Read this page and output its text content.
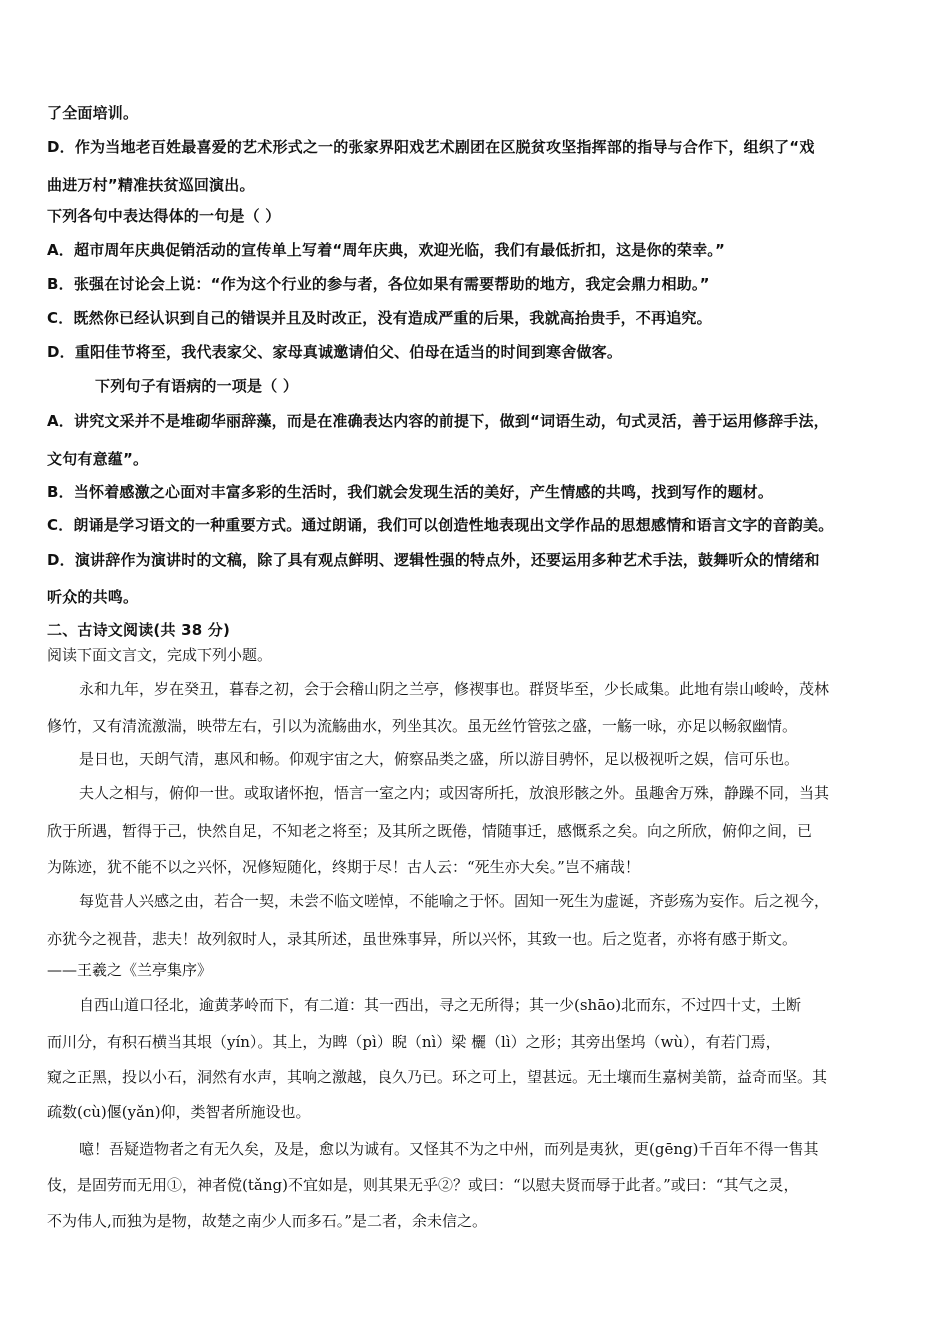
了全面培训。
D．作为当地老百姓最喜爱的艺术形式之一的张家界阳戏艺术剧团在区脱贫攻坚指挥部的指导与合作下，组织了“戏
曲进万村”精准扶贫巡回演出。
下列各句中表达得体的一句是（ ）
A．超市周年庆典促销活动的宣传单上写着“周年庆典，欢迎光临，我们有最低折扣，这是你的荣幸。”
B．张强在讨论会上说：“作为这个行业的参与者，各位如果有需要帮助的地方，我定会鼎力相助。”
C．既然你已经认识到自己的错误并且及时改正，没有造成严重的后果，我就高抬贵手，不再追究。
D．重阳佳节将至，我代表家父、家母真诚邀请伯父、伯母在适当的时间到寒舍做客。
下列句子有语病的一项是（ ）
A．讲究文采并不是堆砌华丽辞藻，而是在准确表达内容的前提下，做到“词语生动，句式灵活，善于运用修辞手法，
文句有意蕴”。
B．当怀着感激之心面对丰富多彩的生活时，我们就会发现生活的美好，产生情感的共鸣，找到写作的题材。
C．朗诵是学习语文的一种重要方式。通过朗诵，我们可以创造性地表现出文学作品的思想感情和语言文字的音韵美。
D．演讲辞作为演讲时的文稿，除了具有观点鲜明、逻辑性强的特点外，还要运用多种艺术手法，鼓舞听众的情绪和
听众的共鸣。
二、古诗文阅读(共 38 分)
阅读下面文言文，完成下列小题。
永和九年，岁在癸丑，暮春之初，会于会稽山阴之兰亭，修禊事也。群贤毕至，少长咸集。此地有崇山峻岭，茂林
修竹，又有清流激湍，映带左右，引以为流觞曲水，列坐其次。虽无丝竹管弦之盛，一觞一咏，亦足以畅叙幽情。
是日也，天朗气清，惠风和畅。仰观宇宙之大，俯察品类之盛，所以游目骋怀，足以极视听之娱，信可乐也。
夫人之相与，俯仰一世。或取诸怀抱，悟言一室之内；或因寄所托，放浪形骸之外。虽趣舍万殊，静躁不同，当其
欣于所遇，暂得于己，快然自足，不知老之将至；及其所之既倦，情随事迁，感慨系之矣。向之所欣，俯仰之间，已
为陈迹，犹不能不以之兴怀，况修短随化，终期于尽！古人云：“死生亦大矣。”岂不痛哉！
每览昔人兴感之由，若合一契，未尝不临文嗟悼，不能喻之于怀。固知一死生为虚诞，齐彭殇为妄作。后之视今，
亦犹今之视昔，悲夫！故列叙时人，录其所述，虽世殊事异，所以兴怀，其致一也。后之览者，亦将有感于斯文。
——王羲之《兰亭集序》
自西山道口径北，逾黄茅岭而下，有二道：其一西出，寻之无所得；其一少(shāo)北而东，不过四十丈，土断
而川分，有积石横当其垠（yín）。其上，为睥（pì）睨（nì）梁 欐（lì）之形；其旁出堡坞（wù），有若门焉，
窥之正黑，投以小石，洞然有水声，其响之激越，良久乃已。环之可上，望甚远。无土壤而生嘉树美箭，益奇而坚。其
疏数(cù)偃(yǎn)仰，类智者所施设也。
噫！吾疑造物者之有无久矣，及是，愈以为诚有。又怪其不为之中州，而列是夷狄，更(gēng)千百年不得一售其
伎，是固劳而无用①，神者傥(tǎng)不宜如是，则其果无乎②？或曰：“以慰夫贤而辱于此者。”或曰：“其气之灵，
不为伟人,而独为是物，故楚之南少人而多石。”是二者，余未信之。
